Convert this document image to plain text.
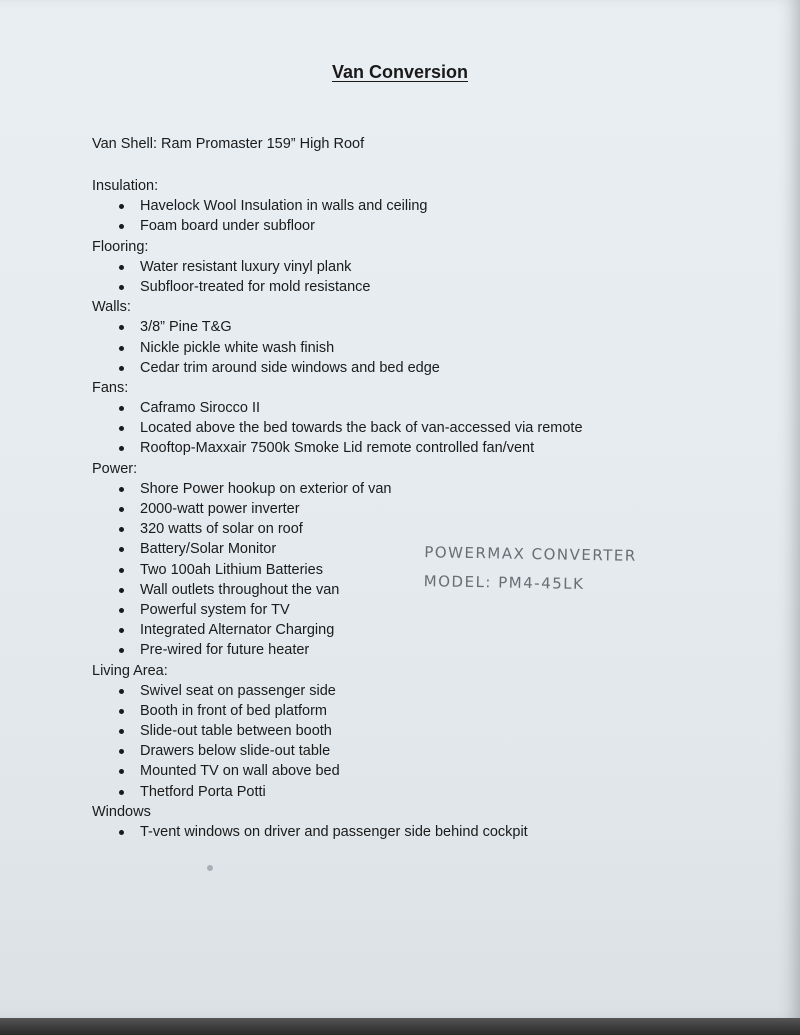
Van Conversion
Van Shell: Ram Promaster 159” High Roof
Insulation:
Havelock Wool Insulation in walls and ceiling
Foam board under subfloor
Flooring:
Water resistant luxury vinyl plank
Subfloor-treated for mold resistance
Walls:
3/8” Pine T&G
Nickle pickle white wash finish
Cedar trim around side windows and bed edge
Fans:
Caframo Sirocco II
Located above the bed towards the back of van-accessed via remote
Rooftop-Maxxair 7500k Smoke Lid remote controlled fan/vent
Power:
Shore Power hookup on exterior of van
2000-watt power inverter
320 watts of solar on roof
Battery/Solar Monitor
Two 100ah Lithium Batteries
Wall outlets throughout the van
Powerful system for TV
Integrated Alternator Charging
Pre-wired for future heater
Living Area:
Swivel seat on passenger side
Booth in front of bed platform
Slide-out table between booth
Drawers below slide-out table
Mounted TV on wall above bed
Thetford Porta Potti
Windows
T-vent windows on driver and passenger side behind cockpit
POWERMAX CONVERTER
MODEL: PM4-45LK
